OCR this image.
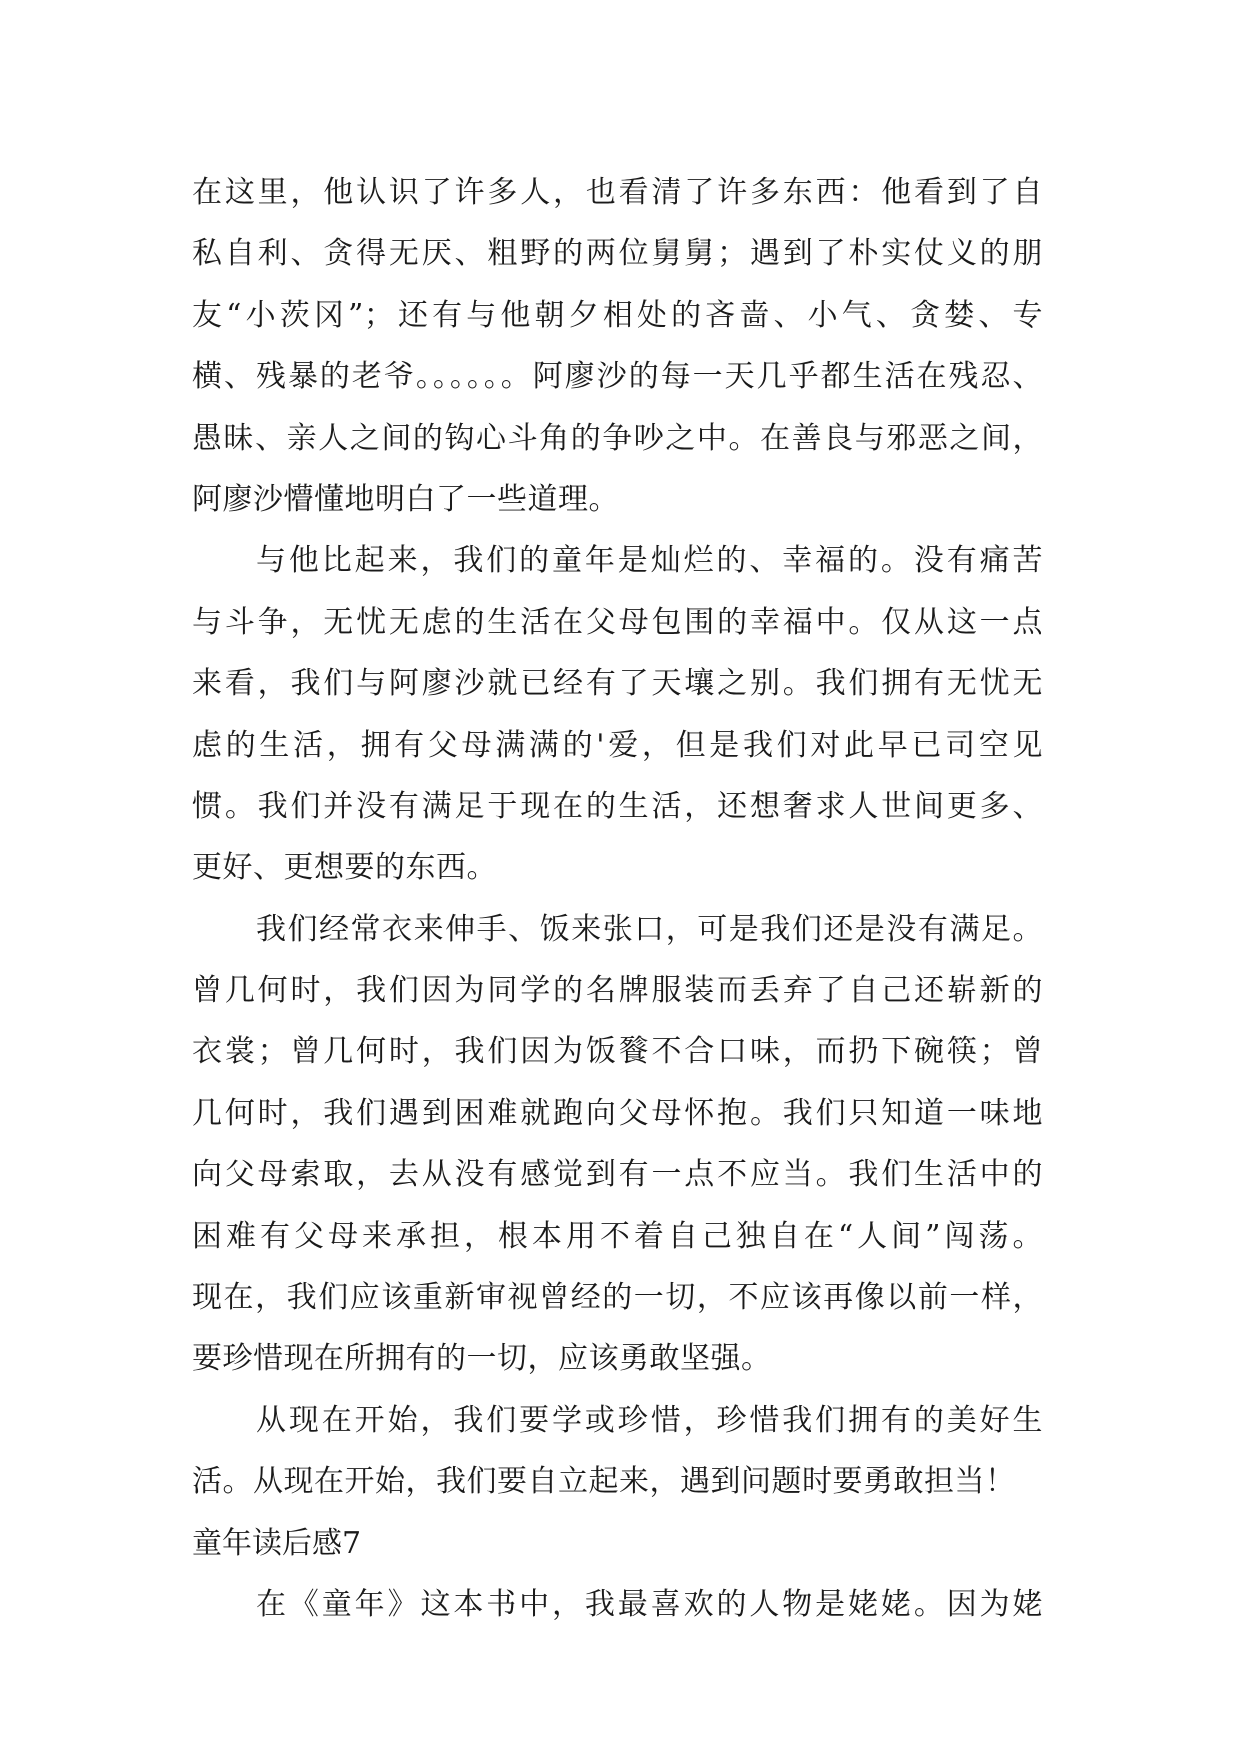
在这里，他认识了许多人，也看清了许多东西：他看到了自
私自利、贪得无厌、粗野的两位舅舅；遇到了朴实仗义的朋
友“小茨冈”；还有与他朝夕相处的吝啬、小气、贪婪、专
横、残暴的老爷。。。。。。阿廖沙的每一天几乎都生活在残忍、
愚昧、亲人之间的钩心斗角的争吵之中。在善良与邪恶之间，
阿廖沙懵懂地明白了一些道理。
与他比起来，我们的童年是灿烂的、幸福的。没有痛苦
与斗争，无忧无虑的生活在父母包围的幸福中。仅从这一点
来看，我们与阿廖沙就已经有了天壤之别。我们拥有无忧无
虑的生活，拥有父母满满的'爱，但是我们对此早已司空见
惯。我们并没有满足于现在的生活，还想奢求人世间更多、
更好、更想要的东西。
我们经常衣来伸手、饭来张口，可是我们还是没有满足。
曾几何时，我们因为同学的名牌服装而丢弃了自己还崭新的
衣裳；曾几何时，我们因为饭餮不合口味，而扔下碗筷；曾
几何时，我们遇到困难就跑向父母怀抱。我们只知道一味地
向父母索取，去从没有感觉到有一点不应当。我们生活中的
困难有父母来承担，根本用不着自己独自在“人间”闯荡。
现在，我们应该重新审视曾经的一切，不应该再像以前一样，
要珍惜现在所拥有的一切，应该勇敢坚强。
从现在开始，我们要学或珍惜，珍惜我们拥有的美好生
活。从现在开始，我们要自立起来，遇到问题时要勇敢担当！
童年读后感7
在《童年》这本书中，我最喜欢的人物是姥姥。因为姥
